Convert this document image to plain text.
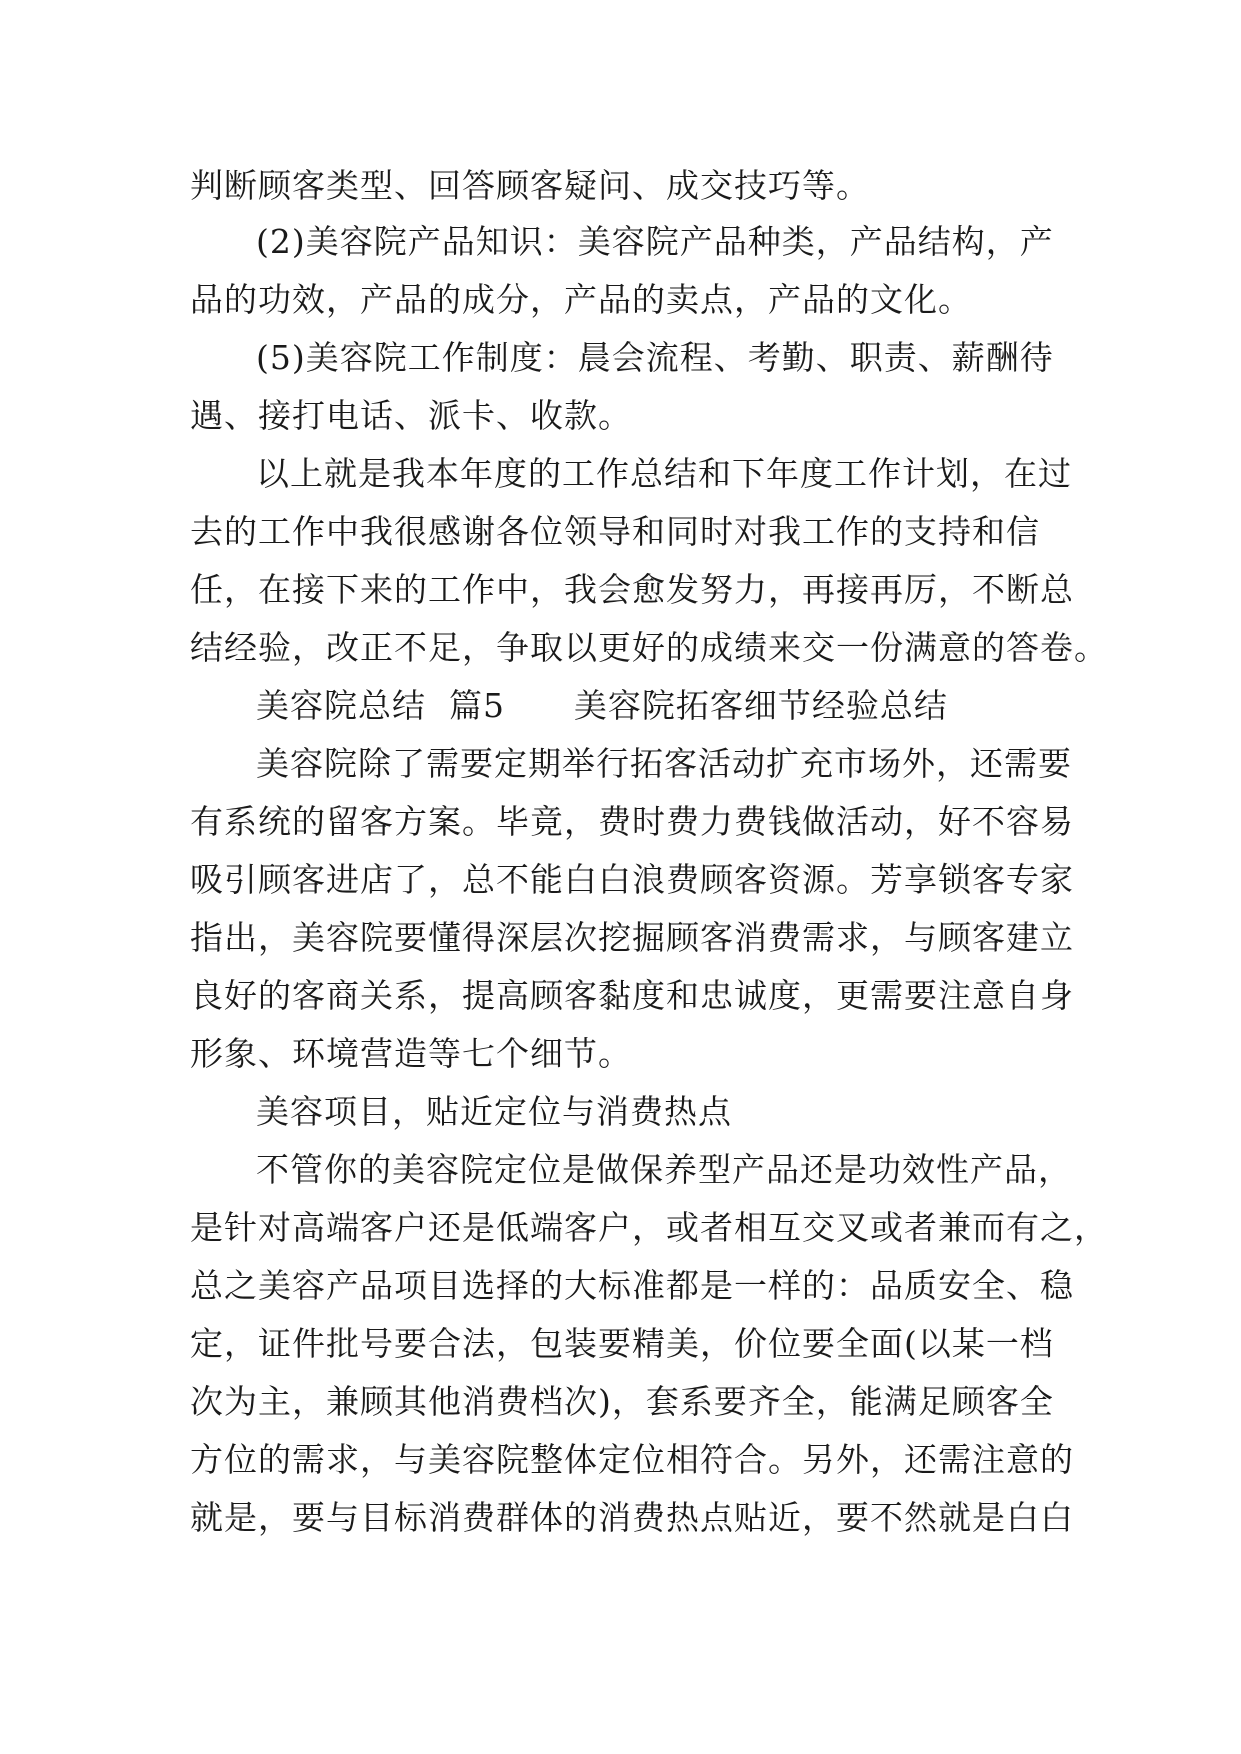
判断顾客类型、回答顾客疑问、成交技巧等。
(2)美容院产品知识：美容院产品种类，产品结构，产
品的功效，产品的成分，产品的卖点，产品的文化。
(5)美容院工作制度：晨会流程、考勤、职责、薪酬待
遇、接打电话、派卡、收款。
以上就是我本年度的工作总结和下年度工作计划，在过
去的工作中我很感谢各位领导和同时对我工作的支持和信
任，在接下来的工作中，我会愈发努力，再接再厉，不断总
结经验，改正不足，争取以更好的成绩来交一份满意的答卷。
美容院总结  篇5      美容院拓客细节经验总结
美容院除了需要定期举行拓客活动扩充市场外，还需要
有系统的留客方案。毕竟，费时费力费钱做活动，好不容易
吸引顾客进店了，总不能白白浪费顾客资源。芳享锁客专家
指出，美容院要懂得深层次挖掘顾客消费需求，与顾客建立
良好的客商关系，提高顾客黏度和忠诚度，更需要注意自身
形象、环境营造等七个细节。
美容项目，贴近定位与消费热点
不管你的美容院定位是做保养型产品还是功效性产品，
是针对高端客户还是低端客户，或者相互交叉或者兼而有之，
总之美容产品项目选择的大标准都是一样的：品质安全、稳
定，证件批号要合法，包装要精美，价位要全面(以某一档
次为主，兼顾其他消费档次)，套系要齐全，能满足顾客全
方位的需求，与美容院整体定位相符合。另外，还需注意的
就是，要与目标消费群体的消费热点贴近，要不然就是白白
